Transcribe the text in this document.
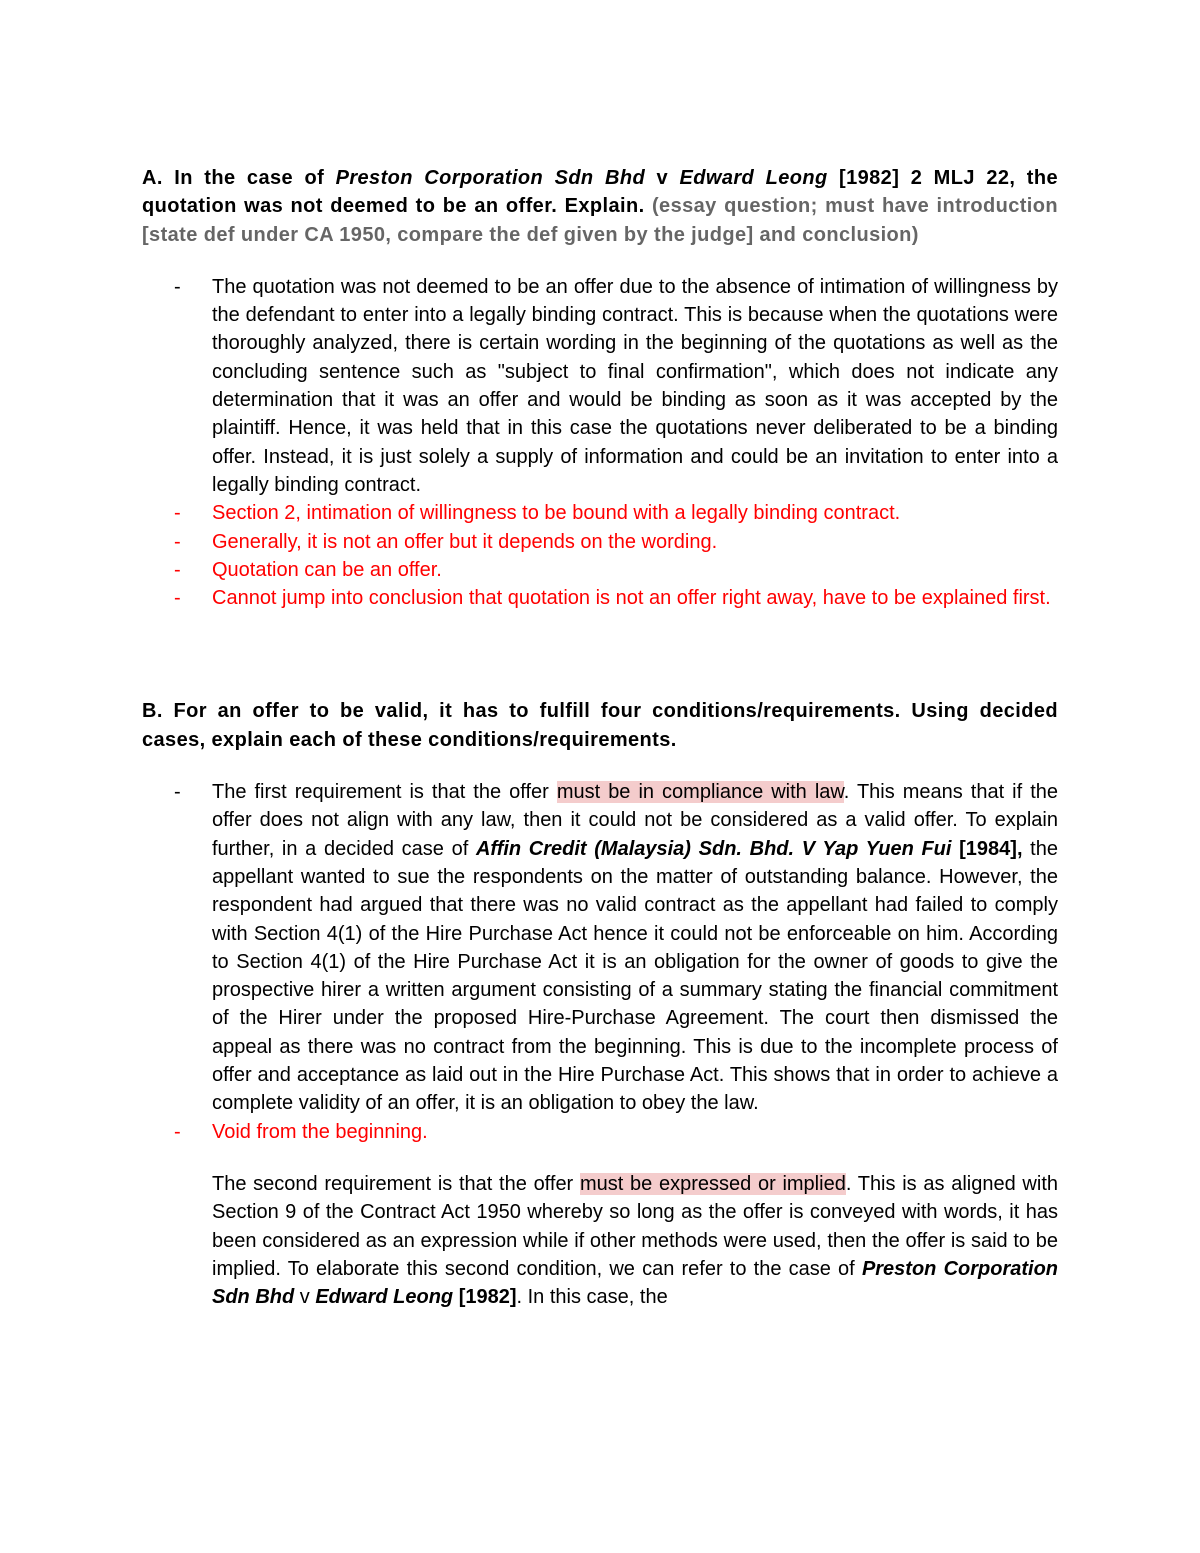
A. In the case of Preston Corporation Sdn Bhd v Edward Leong [1982] 2 MLJ 22, the quotation was not deemed to be an offer. Explain. (essay question; must have introduction [state def under CA 1950, compare the def given by the judge] and conclusion)

- The quotation was not deemed to be an offer due to the absence of intimation of willingness by the defendant to enter into a legally binding contract. This is because when the quotations were thoroughly analyzed, there is certain wording in the beginning of the quotations as well as the concluding sentence such as "subject to final confirmation", which does not indicate any determination that it was an offer and would be binding as soon as it was accepted by the plaintiff. Hence, it was held that in this case the quotations never deliberated to be a binding offer. Instead, it is just solely a supply of information and could be an invitation to enter into a legally binding contract.
- Section 2, intimation of willingness to be bound with a legally binding contract.
- Generally, it is not an offer but it depends on the wording.
- Quotation can be an offer.
- Cannot jump into conclusion that quotation is not an offer right away, have to be explained first.

B. For an offer to be valid, it has to fulfill four conditions/requirements. Using decided cases, explain each of these conditions/requirements.

- The first requirement is that the offer must be in compliance with law. This means that if the offer does not align with any law, then it could not be considered as a valid offer. To explain further, in a decided case of Affin Credit (Malaysia) Sdn. Bhd. V Yap Yuen Fui [1984], the appellant wanted to sue the respondents on the matter of outstanding balance. However, the respondent had argued that there was no valid contract as the appellant had failed to comply with Section 4(1) of the Hire Purchase Act hence it could not be enforceable on him. According to Section 4(1) of the Hire Purchase Act it is an obligation for the owner of goods to give the prospective hirer a written argument consisting of a summary stating the financial commitment of the Hirer under the proposed Hire-Purchase Agreement. The court then dismissed the appeal as there was no contract from the beginning. This is due to the incomplete process of offer and acceptance as laid out in the Hire Purchase Act. This shows that in order to achieve a complete validity of an offer, it is an obligation to obey the law.
- Void from the beginning.

The second requirement is that the offer must be expressed or implied. This is as aligned with Section 9 of the Contract Act 1950 whereby so long as the offer is conveyed with words, it has been considered as an expression while if other methods were used, then the offer is said to be implied. To elaborate this second condition, we can refer to the case of Preston Corporation Sdn Bhd v Edward Leong [1982]. In this case, the
